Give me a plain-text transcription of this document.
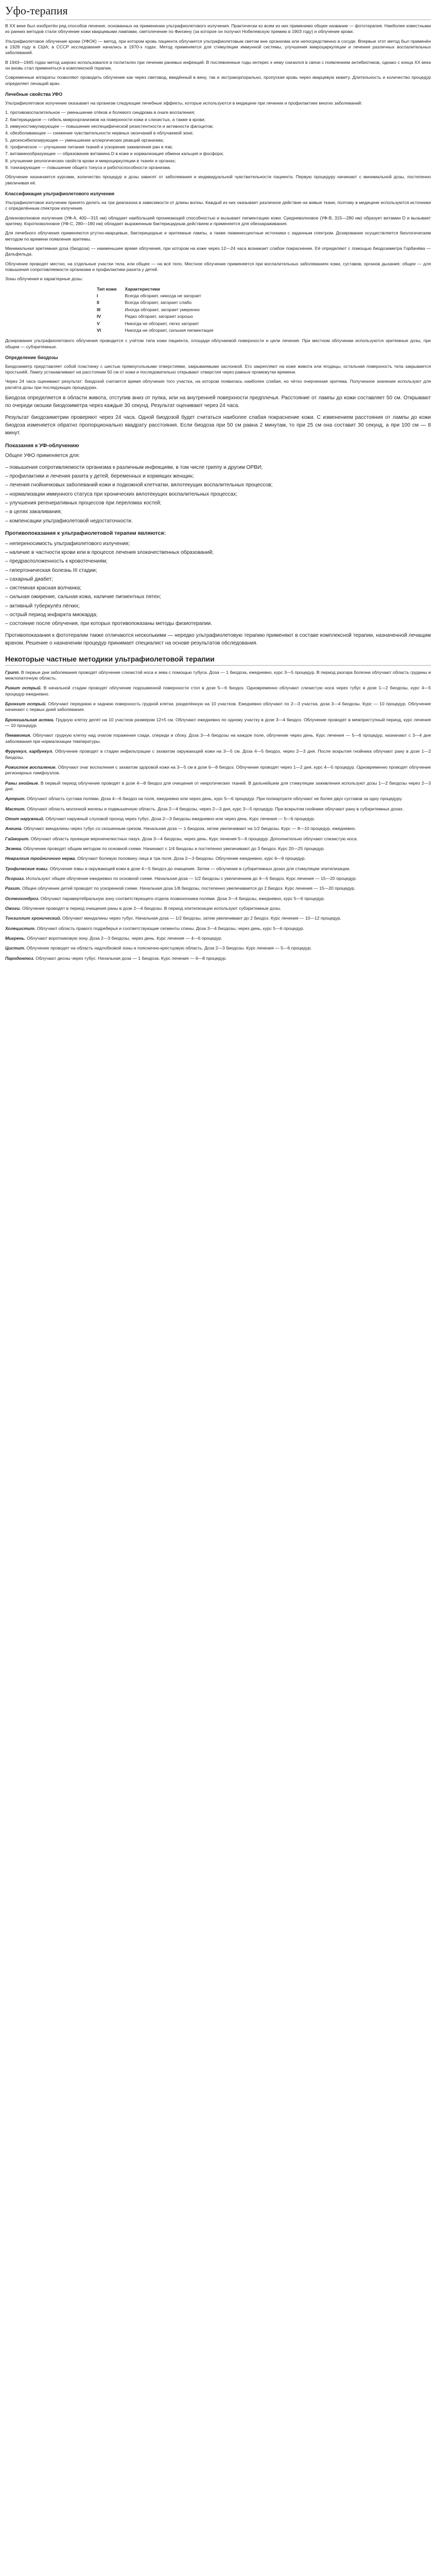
Уфо-терапия

В XX веке был изобретён ряд способов лечения, основанных на применении ультрафиолетового излучения. Практически ко всем из них применимо общее название — фототерапия. Наиболее известными из ранних методов стали облучение кожи кварцевыми лампами, светолечение по Финзену (за которое он получил Нобелевскую премию в 1903 году) и облучение крови.

Ультрафиолетовое облучение крови (УФОК) — метод, при котором кровь пациента облучается ультрафиолетовым светом вне организма или непосредственно в сосуде. Впервые этот метод был применён в 1928 году в США; в СССР исследования начались в 1970-х годах. Метод применяется для стимуляции иммунной системы, улучшения микроциркуляции и лечения различных воспалительных заболеваний.

В 1943—1945 годах метод широко использовался в госпиталях при лечении раневых инфекций. В послевоенные годы интерес к нему снизился в связи с появлением антибиотиков, однако с конца XX века он вновь стал применяться в комплексной терапии.

Современные аппараты позволяют проводить облучение как через световод, введённый в вену, так и экстракорпорально, пропуская кровь через кварцевую кювету. Длительность и количество процедур определяет лечащий врач.

Лечебные свойства УФО

Ультрафиолетовое излучение оказывает на организм следующие лечебные эффекты, которые используются в медицине при лечении и профилактике многих заболеваний:

1. противовоспалительное — уменьшение отёков и болевого синдрома в очаге воспаления;
2. бактерицидное — гибель микроорганизмов на поверхности кожи и слизистых, а также в крови;
3. иммуностимулирующее — повышение неспецифической резистентности и активности фагоцитов;
4. обезболивающее — снижение чувствительности нервных окончаний в облучаемой зоне;
5. десенсибилизирующее — уменьшение аллергических реакций организма;
6. трофическое — улучшение питания тканей и ускорение заживления ран и язв;
7. витаминообразующее — образование витамина D в коже и нормализация обмена кальция и фосфора;
8. улучшение реологических свойств крови и микроциркуляции в тканях и органах;
9. тонизирующее — повышение общего тонуса и работоспособности организма.

Облучение назначается курсами, количество процедур и дозы зависят от заболевания и индивидуальной чувствительности пациента. Первую процедуру начинают с минимальной дозы, постепенно увеличивая её.

Классификация ультрафиолетового излучения

Ультрафиолетовое излучение принято делить на три диапазона в зависимости от длины волны. Каждый из них оказывает различное действие на живые ткани, поэтому в медицине используются источники с определённым спектром излучения.

Длинноволновое излучение (УФ-А, 400—315 нм) обладает наибольшей проникающей способностью и вызывает пигментацию кожи. Средневолновое (УФ-В, 315—280 нм) образует витамин D и вызывает эритему. Коротковолновое (УФ-С, 280—180 нм) обладает выраженным бактерицидным действием и применяется для обеззараживания.

Для лечебного облучения применяются ртутно-кварцевые, бактерицидные и эритемные лампы, а также люминесцентные источники с заданным спектром. Дозирование осуществляется биологическим методом по времени появления эритемы.

Минимальная эритемная доза (биодоза) — наименьшее время облучения, при котором на коже через 12—24 часа возникает слабое покраснение. Её определяют с помощью биодозиметра Горбачёва — Дальфельда.

Облучение проводят местно, на отдельные участки тела, или общее — на всё тело. Местное облучение применяется при воспалительных заболеваниях кожи, суставов, органов дыхания; общее — для повышения сопротивляемости организма и профилактики рахита у детей.

Зоны облучения и характерные дозы:

Тип кожи	Характеристики
I	Всегда обгорает, никогда не загорает
II	Всегда обгорает, загорает слабо
III	Иногда обгорает, загорает умеренно
IV	Редко обгорает, загорает хорошо
V	Никогда не обгорает, легко загорает
VI	Никогда не обгорает, сильная пигментация

Дозирование ультрафиолетового облучения проводится с учётом типа кожи пациента, площади облучаемой поверхности и цели лечения. При местном облучении используются эритемные дозы, при общем — субэритемные.

Определение биодозы

Биодозиметр представляет собой пластинку с шестью прямоугольными отверстиями, закрываемыми заслонкой. Его закрепляют на коже живота или ягодицы, остальная поверхность тела закрывается простынёй. Лампу устанавливают на расстоянии 50 см от кожи и последовательно открывают отверстия через равные промежутки времени.

Через 24 часа оценивают результат: биодозой считается время облучения того участка, на котором появилась наиболее слабая, но чётко очерченная эритема. Полученное значение используют для расчёта дозы при последующих процедурах.

Биодоза определяется в области живота, отступив вниз от пупка, или на внутренней поверхности предплечья. Расстояние от лампы до кожи составляет 50 см. Открывают по очереди окошки биодозиметра через каждые 30 секунд. Результат оценивают через 24 часа.

Результат биодозиметрии проверяют через 24 часа. Одной биодозой будет считаться наиболее слабая покраснение кожи. С изменением расстояния от лампы до кожи биодоза изменяется обратно пропорционально квадрату расстояния. Если биодоза при 50 см равна 2 минутам, то при 25 см она составит 30 секунд, а при 100 см — 8 минут.

Показания к УФ-облучению

Общее УФО применяется для:

– повышения сопротивляемости организма к различным инфекциям, в том числе гриппу и другим ОРВИ;
– профилактики и лечения рахита у детей, беременных и кормящих женщин;
– лечения гнойничковых заболеваний кожи и подкожной клетчатки, вялотекущих воспалительных процессов;
– нормализации иммунного статуса при хронических вялотекущих воспалительных процессах;
– улучшения регенеративных процессов при переломах костей;
– в целях закаливания;
– компенсации ультрафиолетовой недостаточности.
Противопоказания к ультрафиолетовой терапии являются:
– непереносимость ультрафиолетового излучения;
– наличие в частности крови или в процессе лечения злокачественных образований;
– предрасположенность к кровотечениям;
– гипертоническая болезнь III стадии;
– сахарный диабет;
– системная красная волчанка;
– сильная ожирение, сальная кожа, наличие пигментных пятен;
– активный туберкулёз лёгких;
– острый период инфаркта миокарда;
– состояние после облучения, при которых противопоказаны методы физиотерапии.

Противопоказания к фототерапии также отличаются несколькими — нередко ультрафиолетовую терапию применяют в составе комплексной терапии, назначенной лечащим врачом. Решение о назначении процедур принимает специалист на основе результатов обследования.

Некоторые частные методики ультрафиолетовой терапии

Грипп. В первые дни заболевания проводят облучение слизистой носа и зева с помощью тубуса. Доза — 1 биодоза, ежедневно, курс 3—5 процедур. В период разгара болезни облучают область грудины и межлопаточную область.

Ринит острый. В начальной стадии проводят облучение подошвенной поверхности стоп в дозе 5—6 биодоз. Одновременно облучают слизистую носа через тубус в дозе 1—2 биодозы, курс 4—5 процедур ежедневно.

Бронхит острый. Облучают переднюю и заднюю поверхность грудной клетки, разделённую на 10 участков. Ежедневно облучают по 2—3 участка, доза 3—4 биодозы. Курс — 10 процедур. Облучение начинают с первых дней заболевания.

Бронхиальная астма. Грудную клетку делят на 10 участков размером 12×5 см. Облучают ежедневно по одному участку в дозе 3—4 биодоз. Облучение проводят в межприступный период, курс лечения — 10 процедур.

Пневмония. Облучают грудную клетку над очагом поражения сзади, спереди и сбоку. Доза 3—4 биодозы на каждое поле, облучение через день. Курс лечения — 5—6 процедур, назначают с 3—4 дня заболевания при нормализации температуры.

Фурункул, карбункул. Облучение проводят в стадии инфильтрации с захватом окружающей кожи на 3—5 см. Доза 4—5 биодоз, через 2—3 дня. После вскрытия гнойника облучают рану в дозе 1—2 биодозы.

Рожистое воспаление. Облучают очаг воспаления с захватом здоровой кожи на 3—5 см в дозе 6—8 биодоз. Облучение проводят через 1—2 дня, курс 4—5 процедур. Одновременно проводят облучение регионарных лимфоузлов.

Раны гнойные. В первый период облучение проводят в дозе 4—8 биодоз для очищения от некротических тканей. В дальнейшем для стимуляции заживления используют дозы 1—2 биодозы через 2—3 дня.

Артрит. Облучают область сустава полями. Доза 4—6 биодоз на поле, ежедневно или через день, курс 5—6 процедур. При полиартрите облучают не более двух суставов за одну процедуру.

Мастит. Облучают область молочной железы и подмышечную область. Доза 2—4 биодозы, через 2—3 дня, курс 3—5 процедур. При вскрытом гнойнике облучают рану в субэритемных дозах.

Отит наружный. Облучают наружный слуховой проход через тубус. Доза 2—3 биодозы ежедневно или через день. Курс лечения — 5—6 процедур.

Ангина. Облучают миндалины через тубус со скошенным срезом. Начальная доза — 1 биодоза, затем увеличивают на 1/2 биодозы. Курс — 8—10 процедур, ежедневно.

Гайморит. Облучают область проекции верхнечелюстных пазух. Доза 3—4 биодозы, через день. Курс лечения 5—6 процедур. Дополнительно облучают слизистую носа.

Экзема. Облучение проводят общим методом по основной схеме. Начинают с 1/4 биодозы и постепенно увеличивают до 3 биодоз. Курс 20—25 процедур.

Невралгия тройничного нерва. Облучают болевую половину лица в три поля. Доза 2—3 биодозы. Облучение ежедневно, курс 6—9 процедур.

Трофические язвы. Облучение язвы и окружающей кожи в дозе 4—5 биодоз до очищения. Затем — облучение в субэритемных дозах для стимуляции эпителизации.

Псориаз. Используют общее облучение ежедневно по основной схеме. Начальная доза — 1/2 биодозы с увеличением до 4—5 биодоз. Курс лечения — 15—20 процедур.

Рахит. Общее облучение детей проводят по ускоренной схеме. Начальная доза 1/8 биодозы, постепенно увеличивается до 2 биодоз. Курс лечения — 15—20 процедур.

Остеохондроз. Облучают паравертебральную зону соответствующего отдела позвоночника полями. Доза 3—4 биодозы, ежедневно, курс 5—6 процедур.

Ожоги. Облучение проводят в период очищения раны в дозе 2—4 биодозы. В период эпителизации используют субэритемные дозы.

Тонзиллит хронический. Облучают миндалины через тубус. Начальная доза — 1/2 биодозы, затем увеличивают до 2 биодоз. Курс лечения — 10—12 процедур.

Холецистит. Облучают область правого подреберья и соответствующие сегменты спины. Доза 3—4 биодозы, через день, курс 5—6 процедур.

Мигрень. Облучают воротниковую зону. Доза 2—3 биодозы, через день. Курс лечения — 4—6 процедур.

Цистит. Облучение проводят на область надлобковой зоны и пояснично-крестцовую область. Доза 2—3 биодозы. Курс лечения — 5—6 процедур.

Пародонтоз. Облучают десны через тубус. Начальная доза — 1 биодоза. Курс лечения — 6—8 процедур.
